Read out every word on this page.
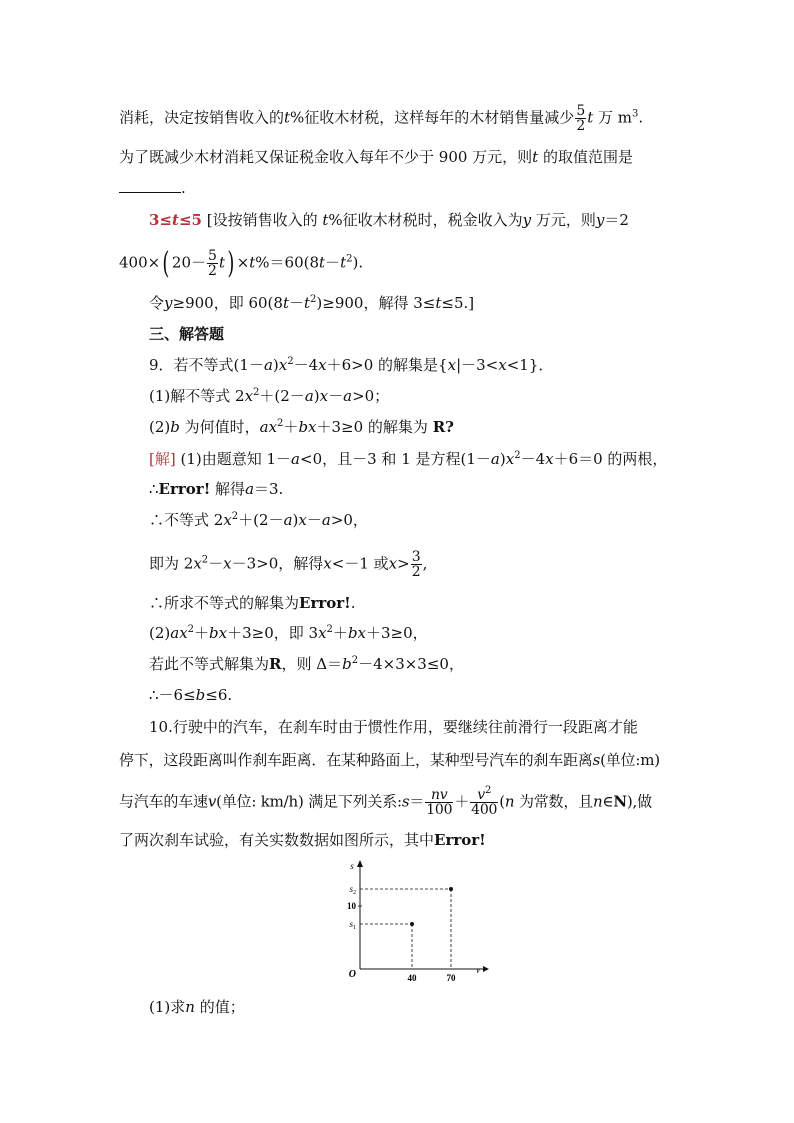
消耗，决定按销售收入的t%征收木材税，这样每年的木材销售量减少 $\frac{5}{2}$ t 万 $m^3$.
为了既减少木材消耗又保证税金收入每年不少于 900 万元，则t 的取值范围是
.
3≤t≤5 [设按销售收入的 t%征收木材税时，税金收入为y 万元，则y＝2
400×( $20- \frac{5}{2} t) \times t\%=60(8t-t^2)$.
令y≥900，即 $60(8t-t^2)\ge 900$，解得 3≤t≤5.]
三、解答题
9．若不等式$(1-a)x^2-4x+6>0$ 的解集是{x|－3<x<1}．
(1)解不等式 $2x^2+(2-a)x-a>0$；
(2)b 为何值时，$ax^2+bx+3\ge 0$ 的解集为 R?
[解] (1)由题意知 1－a<0，且－3 和 1 是方程$(1-a)x^2-4x+6=0$ 的两根，
∴Error! 解得a＝3.
∴不等式 $2x^2+(2-a)x-a>0$，
即为 $2x^2-x-3>0$，解得x<－1 或$x> \frac{3}{2}$ ,
∴所求不等式的解集为Error!.
$(2)ax^2+bx+3\ge 0$，即 $3x^2+bx+3\ge 0$，
若此不等式解集为R，则 $\Delta=b^2-4\times 3\times 3\le 0$，
∴－6≤b≤6.
10.行驶中的汽车，在刹车时由于惯性作用，要继续往前滑行一段距离才能
停下，这段距离叫作刹车距离．在某种路面上，某种型号汽车的刹车距离s(单位:m)
与汽车的车速v(单位: km/h) 满足下列关系:s＝ $\frac{nv}{100} + \frac{v^2}{400} (n$ 为常数，且n∈N),做
了两次刹车试验，有关实数数据如图所示，其中Error!
40
$s_1$
70
$s_2$
10
s
v
O
(1)求n 的值；
